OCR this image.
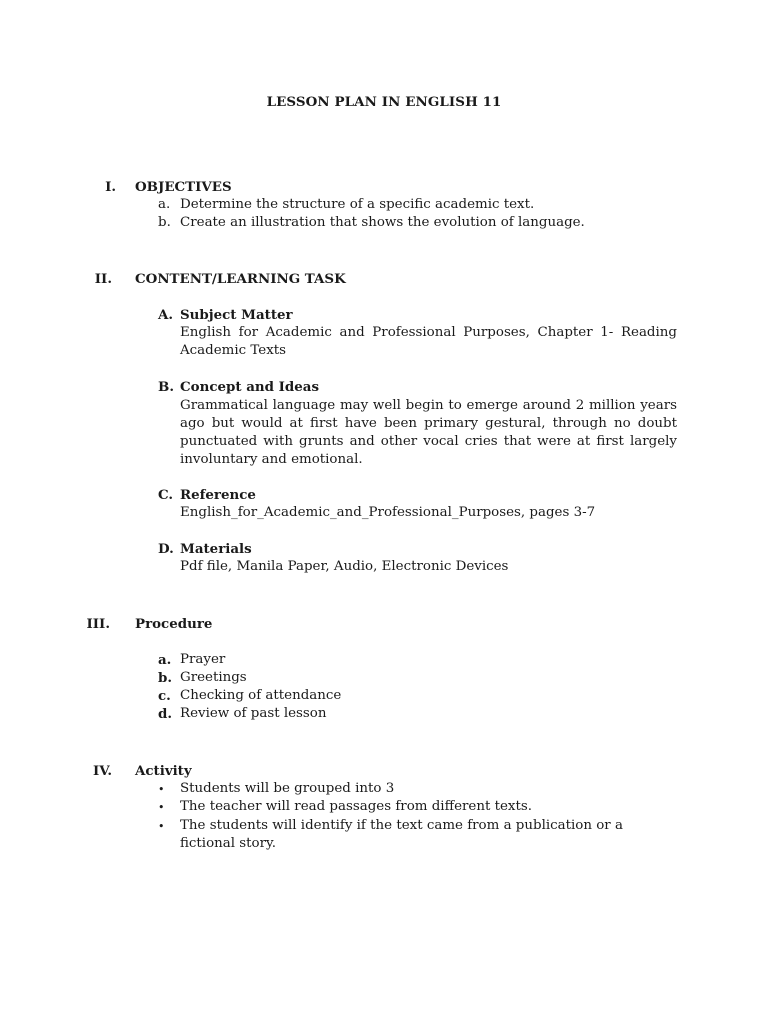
LESSON PLAN IN ENGLISH 11
I. OBJECTIVES
a. Determine the structure of a specific academic text.
b. Create an illustration that shows the evolution of language.
II. CONTENT/LEARNING TASK
A. Subject Matter
English for Academic and Professional Purposes, Chapter 1- Reading Academic Texts
B. Concept and Ideas
Grammatical language may well begin to emerge around 2 million years ago but would at first have been primary gestural, through no doubt punctuated with grunts and other vocal cries that were at first largely involuntary and emotional.
C. Reference
English_for_Academic_and_Professional_Purposes, pages 3-7
D. Materials
Pdf file, Manila Paper, Audio, Electronic Devices
III. Procedure
a. Prayer
b. Greetings
c. Checking of attendance
d. Review of past lesson
IV. Activity
• Students will be grouped into 3
• The teacher will read passages from different texts.
• The students will identify if the text came from a publication or a fictional story.
